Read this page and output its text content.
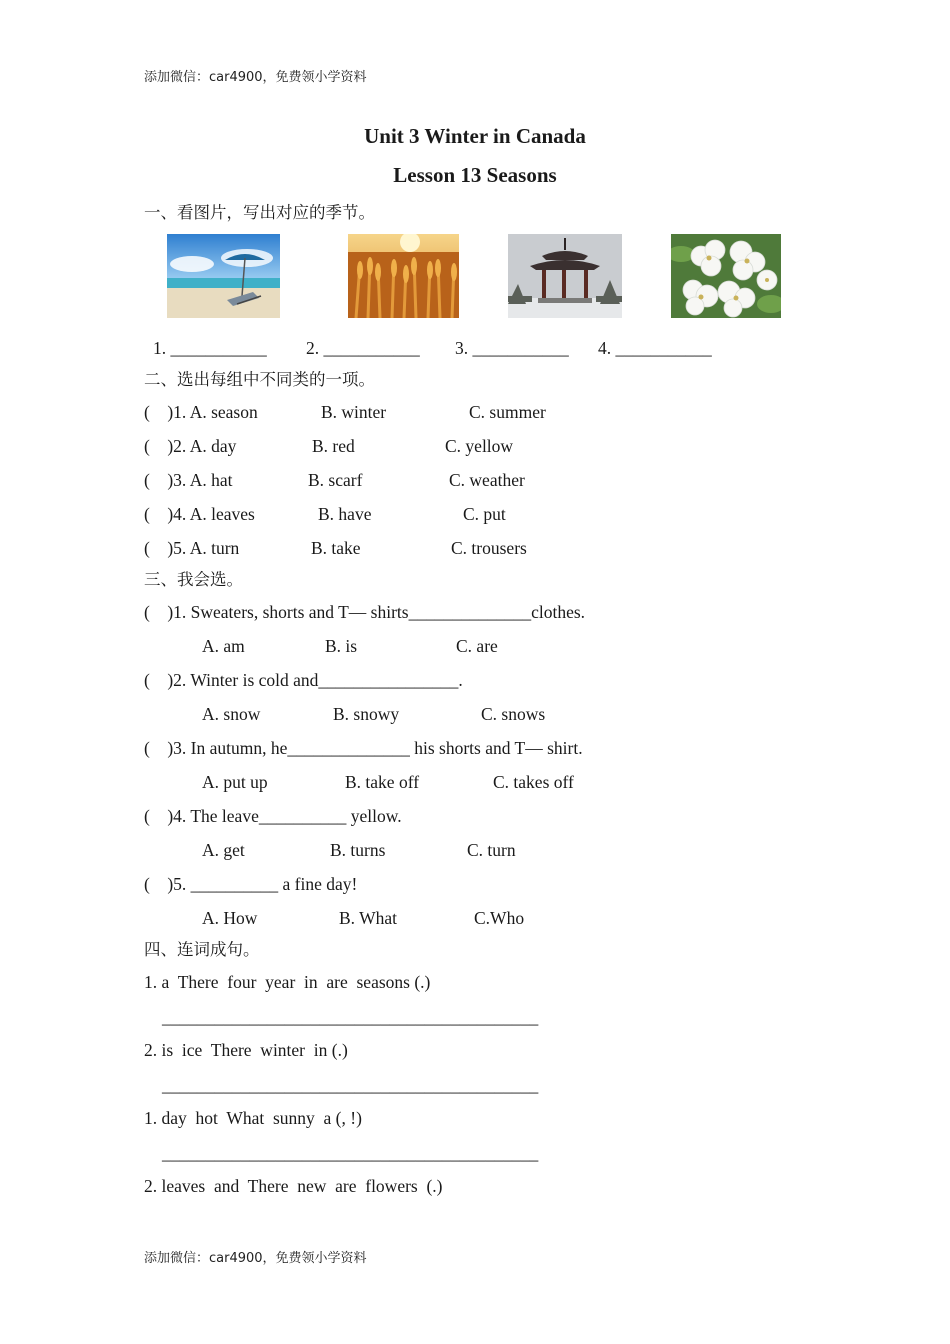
添加微信：car4900，免费领小学资料
Unit 3 Winter in Canada
Lesson 13 Seasons
一、看图片，写出对应的季节。
1. ___________ 2. ___________ 3. ___________ 4. ___________
二、选出每组中不同类的一项。
(    )1. A. season	B. winter	C. summer
(    )2. A. day	B. red	C. yellow
(    )3. A. hat	B. scarf	C. weather
(    )4. A. leaves	B. have	C. put
(    )5. A. turn	B. take	C. trousers
三、我会选。
(    )1. Sweaters, shorts and T— shirts______________clothes.
A. am	B. is	C. are
(    )2. Winter is cold and________________.
A. snow	B. snowy	C. snows
(    )3. In autumn, he______________ his shorts and T— shirt.
A. put up	B. take off	C. takes off
(    )4. The leave__________ yellow.
A. get	B. turns	C. turn
(    )5. __________ a fine day!
A. How	B. What	C.Who
四、连词成句。
1. a  There  four  year  in  are  seasons (.)
___________________________________________
2. is  ice  There  winter  in (.)
___________________________________________
1. day  hot  What  sunny  a (, !)
___________________________________________
2. leaves  and  There  new  are  flowers  (.)
添加微信：car4900，免费领小学资料
